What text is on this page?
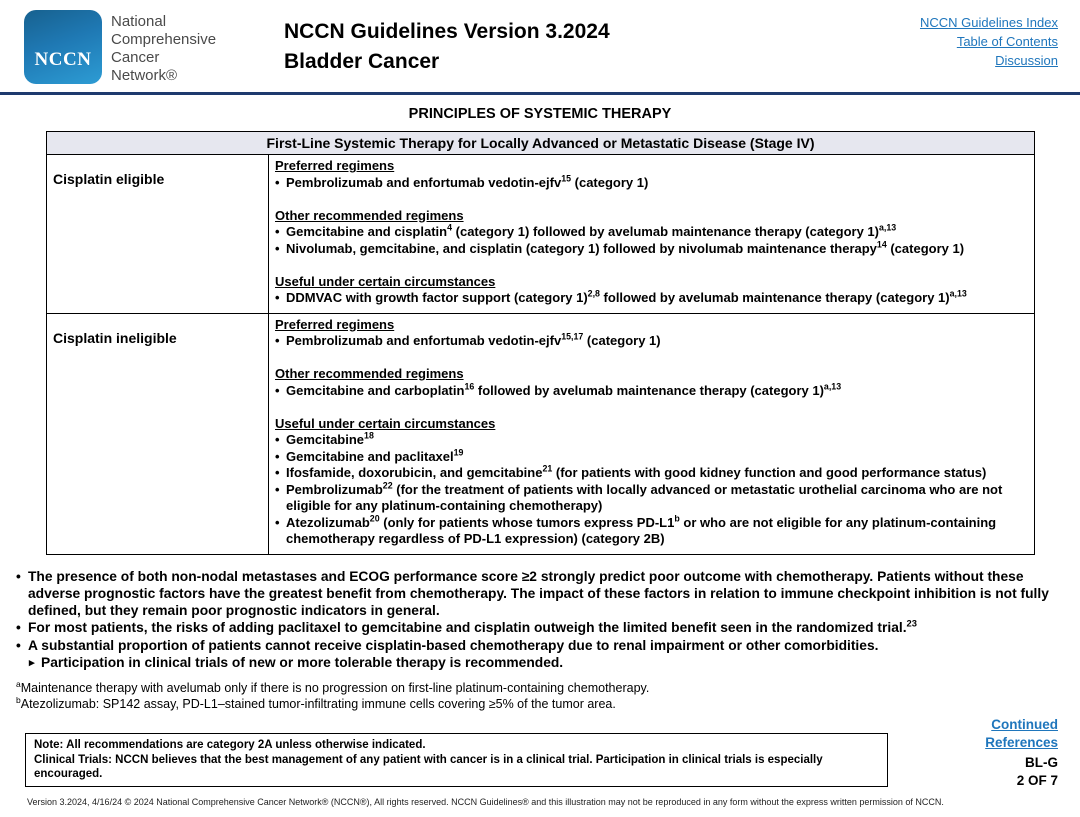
NCCN
National
Comprehensive
Cancer
Network®
NCCN Guidelines Version 3.2024
Bladder Cancer
NCCN Guidelines Index
Table of Contents
Discussion
PRINCIPLES OF SYSTEMIC THERAPY
First-Line Systemic Therapy for Locally Advanced or Metastatic Disease (Stage IV)
Cisplatin eligible
Preferred regimens
• Pembrolizumab and enfortumab vedotin-ejfv$^{15}$ (category 1)
Other recommended regimens
• Gemcitabine and cisplatin$^4$ (category 1) followed by avelumab maintenance therapy (category 1)$^{a,13}$
• Nivolumab, gemcitabine, and cisplatin (category 1) followed by nivolumab maintenance therapy$^{14}$ (category 1)
Useful under certain circumstances
• DDMVAC with growth factor support (category 1)$^{2,8}$ followed by avelumab maintenance therapy (category 1)$^{a,13}$
Cisplatin ineligible
Preferred regimens
• Pembrolizumab and enfortumab vedotin-ejfv$^{15,17}$ (category 1)
Other recommended regimens
• Gemcitabine and carboplatin$^{16}$ followed by avelumab maintenance therapy (category 1)$^{a,13}$
Useful under certain circumstances
• Gemcitabine$^{18}$
• Gemcitabine and paclitaxel$^{19}$
• Ifosfamide, doxorubicin, and gemcitabine$^{21}$ (for patients with good kidney function and good performance status)
• Pembrolizumab$^{22}$ (for the treatment of patients with locally advanced or metastatic urothelial carcinoma who are not eligible for any platinum-containing chemotherapy)
• Atezolizumab$^{20}$ (only for patients whose tumors express PD-L1$^b$ or who are not eligible for any platinum-containing chemotherapy regardless of PD-L1 expression) (category 2B)
• The presence of both non-nodal metastases and ECOG performance score ≥2 strongly predict poor outcome with chemotherapy. Patients without these adverse prognostic factors have the greatest benefit from chemotherapy. The impact of these factors in relation to immune checkpoint inhibition is not fully defined, but they remain poor prognostic indicators in general.
• For most patients, the risks of adding paclitaxel to gemcitabine and cisplatin outweigh the limited benefit seen in the randomized trial.$^{23}$
• A substantial proportion of patients cannot receive cisplatin-based chemotherapy due to renal impairment or other comorbidities.
▸ Participation in clinical trials of new or more tolerable therapy is recommended.
$^a$Maintenance therapy with avelumab only if there is no progression on first-line platinum-containing chemotherapy.
$^b$Atezolizumab: SP142 assay, PD-L1–stained tumor-infiltrating immune cells covering ≥5% of the tumor area.
Note: All recommendations are category 2A unless otherwise indicated.
Clinical Trials: NCCN believes that the best management of any patient with cancer is in a clinical trial. Participation in clinical trials is especially encouraged.
Continued
References
BL-G
2 OF 7
Version 3.2024, 4/16/24 © 2024 National Comprehensive Cancer Network® (NCCN®), All rights reserved. NCCN Guidelines® and this illustration may not be reproduced in any form without the express written permission of NCCN.
